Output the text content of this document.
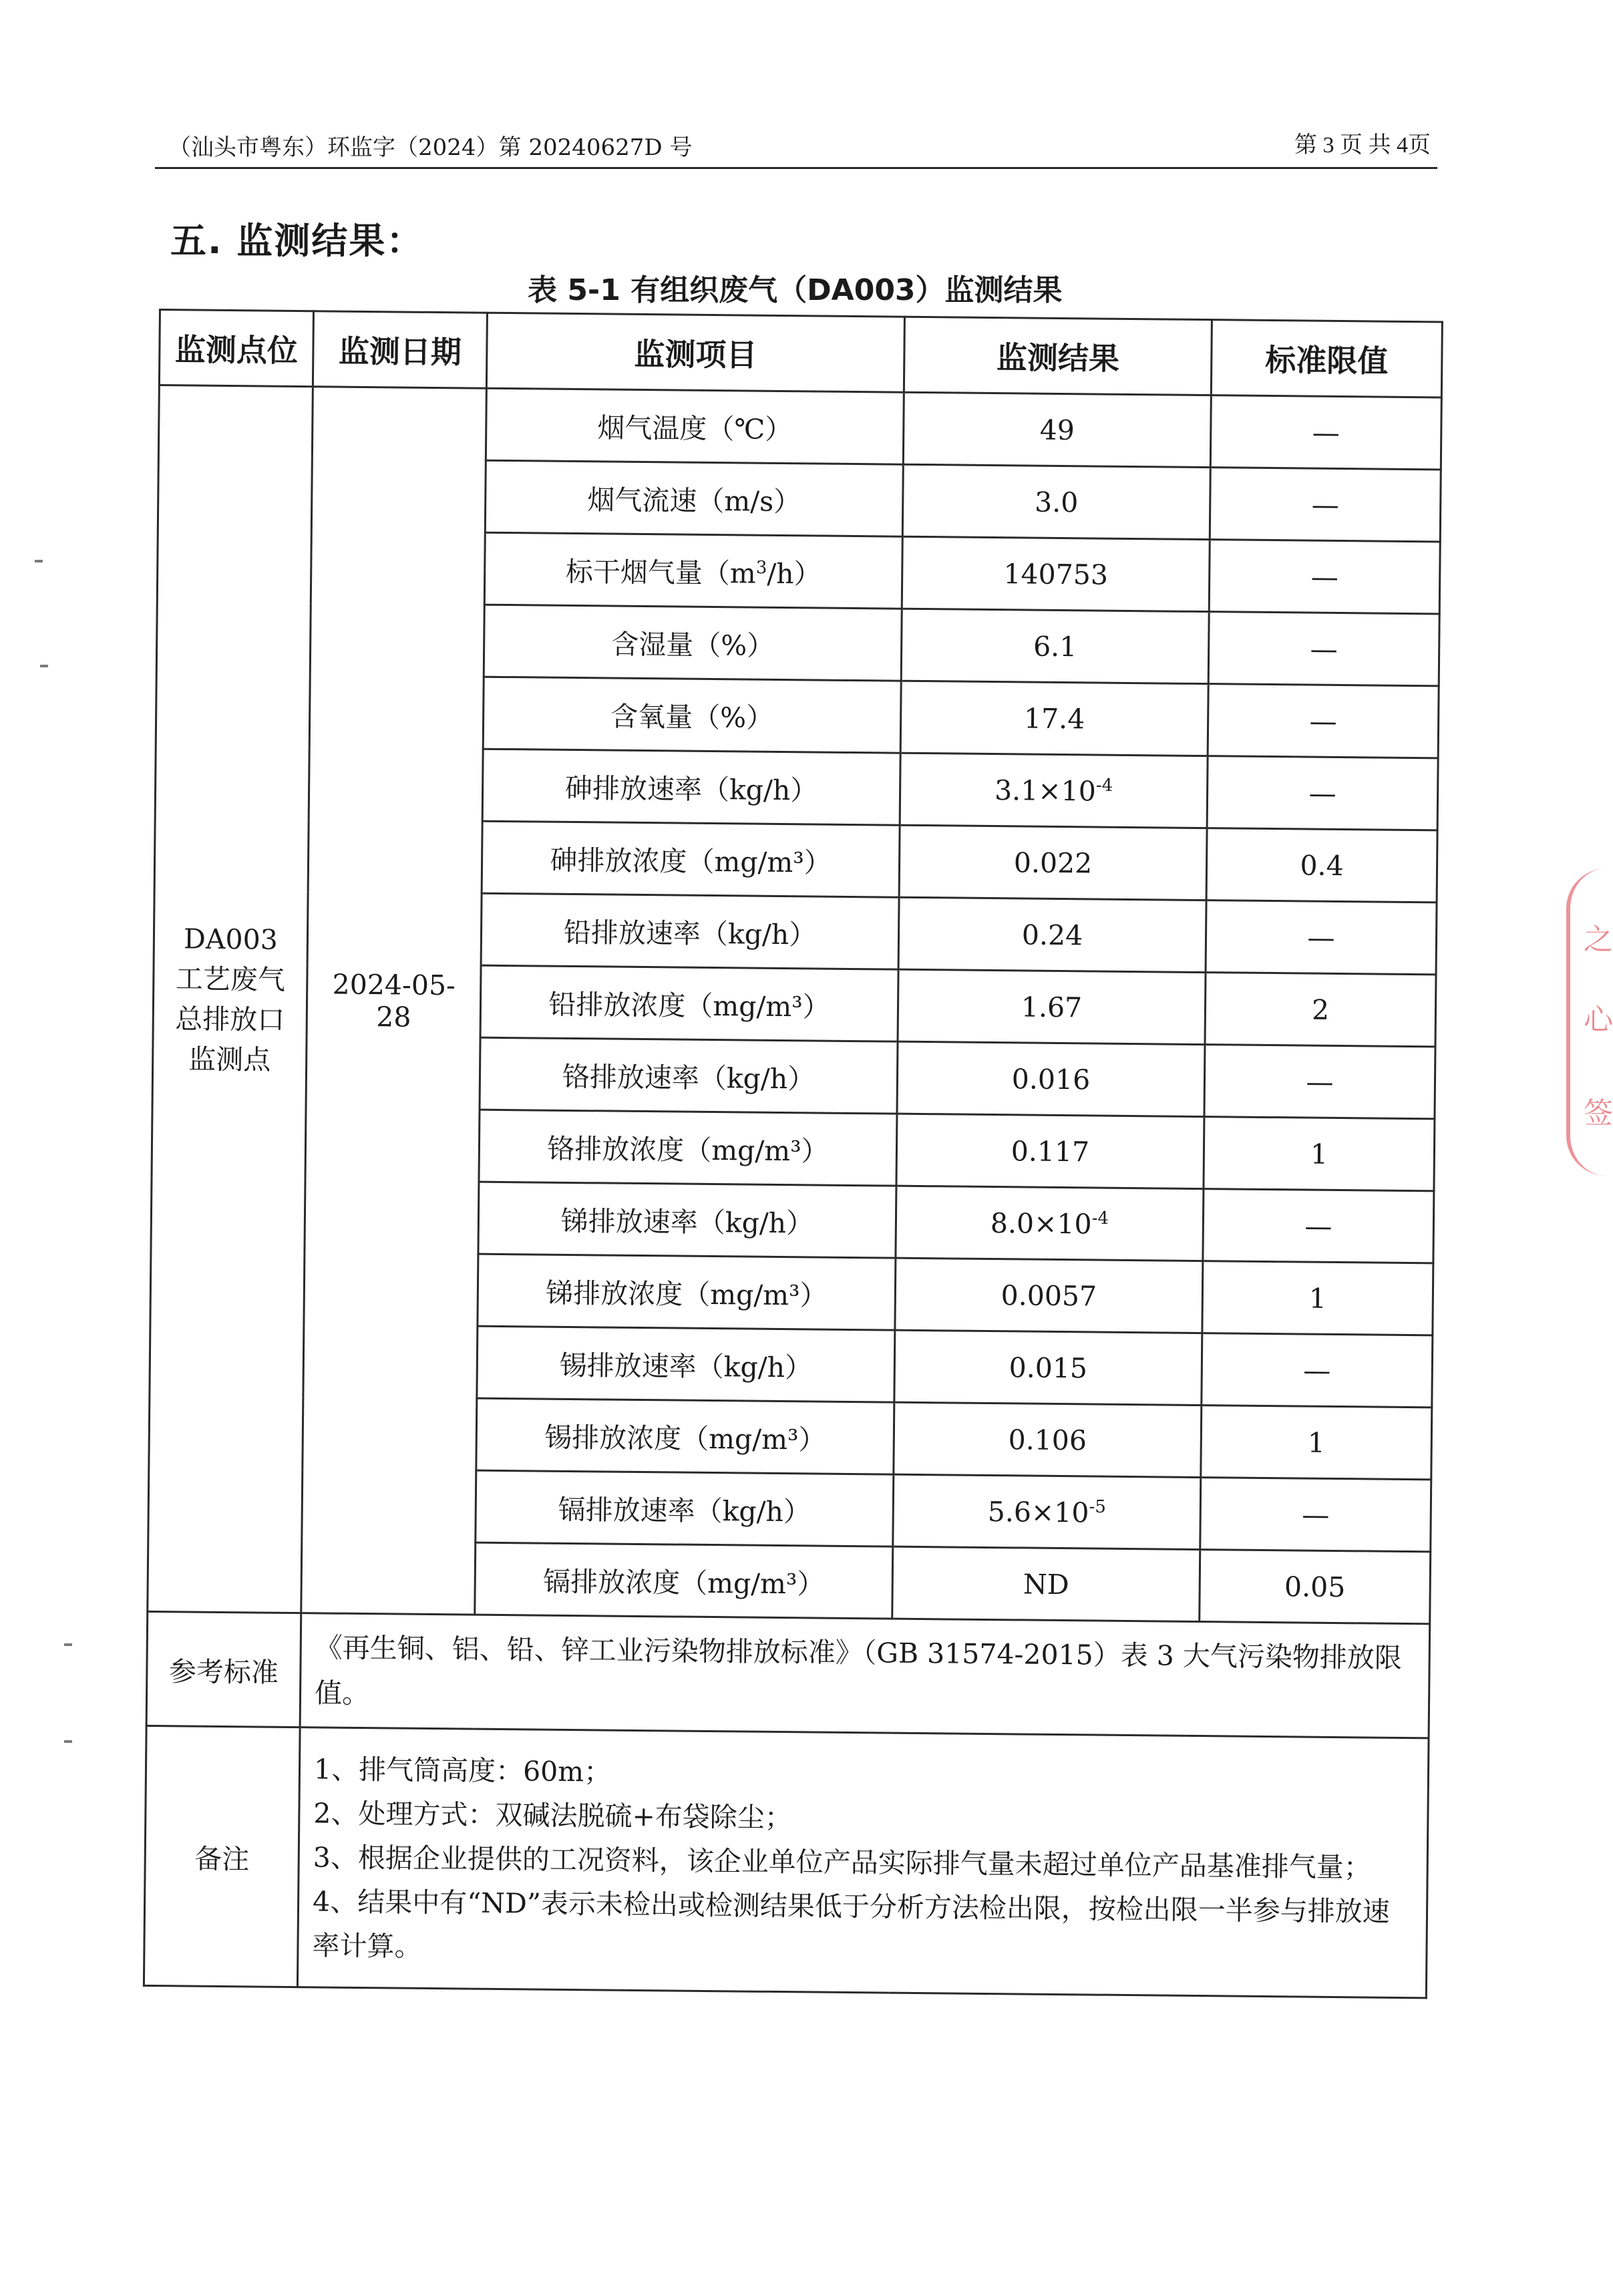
（汕头市粤东）环监字（2024）第 20240627D 号	第 3 页 共 4页
五. 监测结果：
表 5-1 有组织废气（DA003）监测结果
监测点位	监测日期	监测项目	监测结果	标准限值

DA003
工艺废气
总排放口
监测点	2024-05-28	烟气温度（℃）	49	—
		烟气流速（m/s）	3.0	—
		标干烟气量$(m^3/h)$	140753	—
		含湿量（%）	6.1	—
		含氧量（%）	17.4	—
		砷排放速率（kg/h）	$3.1\times 10^{-4}$	—
		砷排放浓度（mg/m³）	0.022	0.4
		铅排放速率（kg/h）	0.24	—
		铅排放浓度（mg/m³）	1.67	2
		铬排放速率（kg/h）	0.016	—
		铬排放浓度（mg/m³）	0.117	1
		锑排放速率（kg/h）	$8.0\times 10^{-4}$	—
		锑排放浓度（mg/m³）	0.0057	1
		锡排放速率（kg/h）	0.015	—
		锡排放浓度（mg/m³）	0.106	1
		镉排放速率（kg/h）	$5.6\times 10^{-5}$	—
		镉排放浓度（mg/m³）	ND	0.05
参考标准	《再生铜、铝、铅、锌工业污染物排放标准》（GB 31574-2015）表 3 大气污染物排放限值。			
备注	1、排气筒高度：60m；
2、处理方式：双碱法脱硫+布袋除尘；
3、根据企业提供的工况资料，该企业单位产品实际排气量未超过单位产品基准排气量；
4、结果中有“ND”表示未检出或检测结果低于分析方法检出限，按检出限一半参与排放速率计算。			
之
心
签
